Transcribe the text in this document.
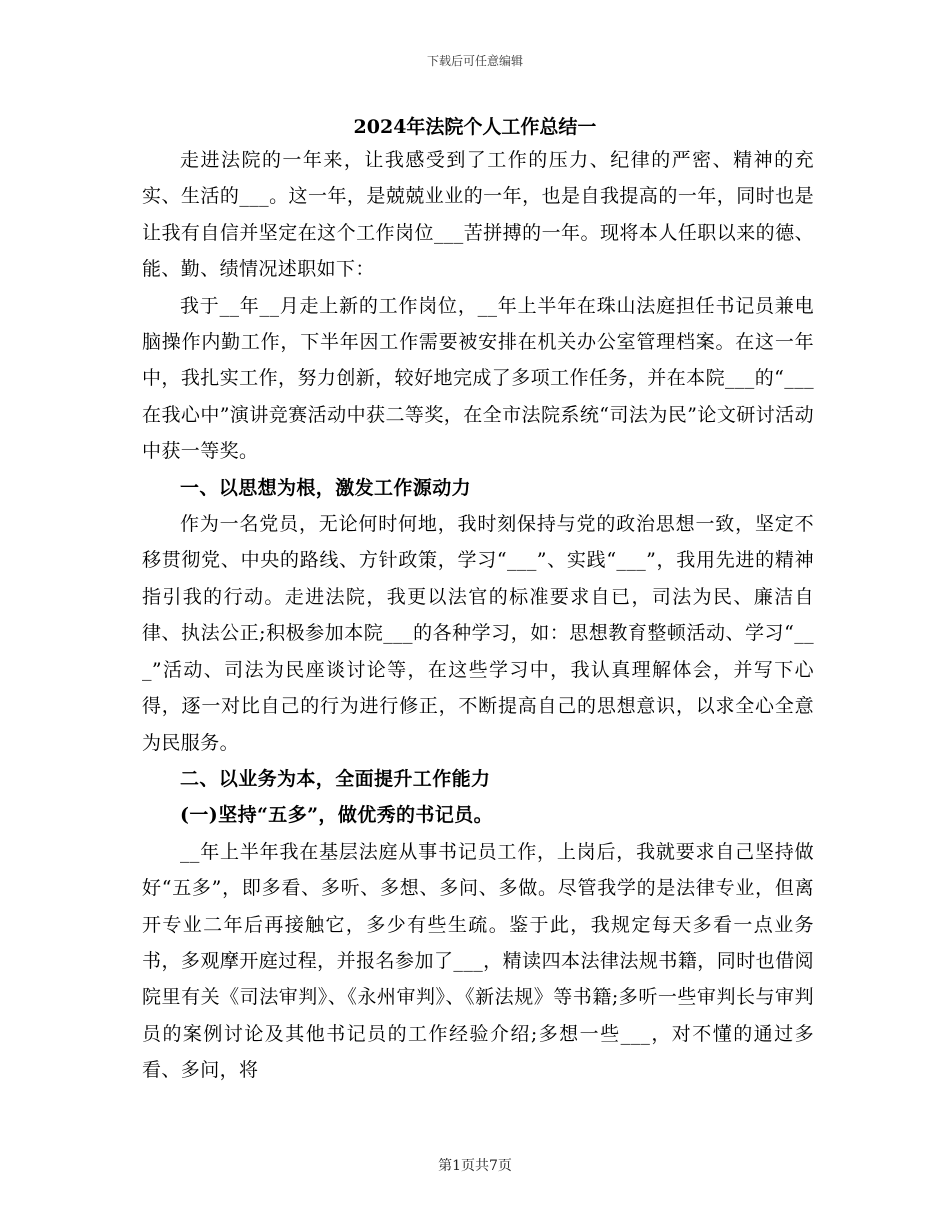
下载后可任意编辑
2024年法院个人工作总结一

走进法院的一年来，让我感受到了工作的压力、纪律的严密、精神的充实、生活的___。这一年，是兢兢业业的一年，也是自我提高的一年，同时也是让我有自信并坚定在这个工作岗位___苦拼搏的一年。现将本人任职以来的德、能、勤、绩情况述职如下：

我于__年__月走上新的工作岗位，__年上半年在珠山法庭担任书记员兼电脑操作内勤工作，下半年因工作需要被安排在机关办公室管理档案。在这一年中，我扎实工作，努力创新，较好地完成了多项工作任务，并在本院___的“___在我心中”演讲竞赛活动中获二等奖，在全市法院系统“司法为民”论文研讨活动中获一等奖。

一、以思想为根，激发工作源动力

作为一名党员，无论何时何地，我时刻保持与党的政治思想一致，坚定不移贯彻党、中央的路线、方针政策，学习“___”、实践“___”，我用先进的精神指引我的行动。走进法院，我更以法官的标准要求自已，司法为民、廉洁自律、执法公正;积极参加本院___的各种学习，如：思想教育整顿活动、学习“___”活动、司法为民座谈讨论等，在这些学习中，我认真理解体会，并写下心得，逐一对比自己的行为进行修正，不断提高自己的思想意识，以求全心全意为民服务。

二、以业务为本，全面提升工作能力

(一)坚持“五多”，做优秀的书记员。

__年上半年我在基层法庭从事书记员工作，上岗后，我就要求自己坚持做好“五多”，即多看、多听、多想、多问、多做。尽管我学的是法律专业，但离开专业二年后再接触它，多少有些生疏。鉴于此，我规定每天多看一点业务书，多观摩开庭过程，并报名参加了___，精读四本法律法规书籍，同时也借阅院里有关《司法审判》、《永州审判》、《新法规》等书籍;多听一些审判长与审判员的案例讨论及其他书记员的工作经验介绍;多想一些___，对不懂的通过多看、多问，将

第1页共7页
